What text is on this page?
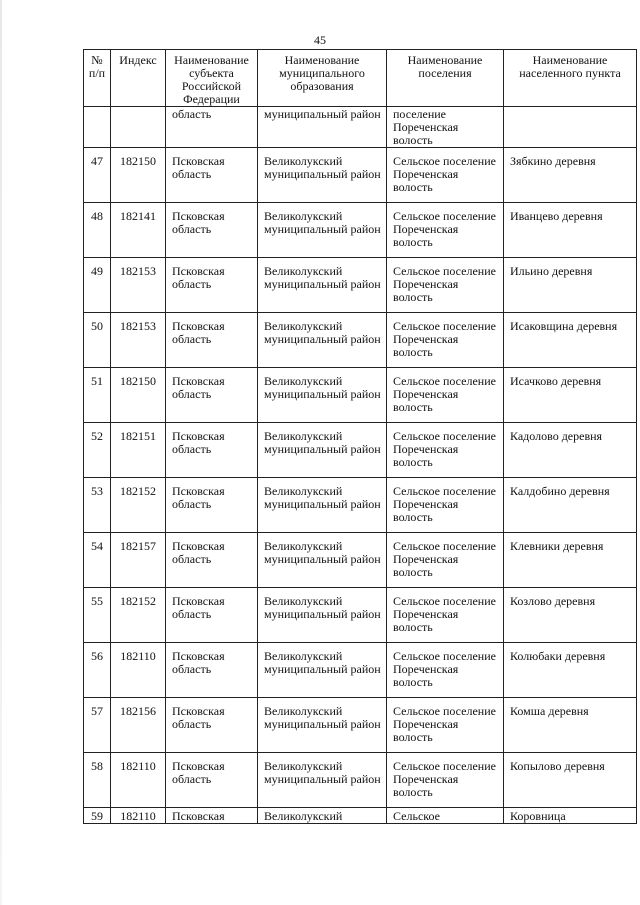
45
№ п/п	Индекс	Наименование субъекта Российской Федерации	Наименование муниципального образования	Наименование поселения	Наименование населенного пункта
		область	муниципальный район	поселение Пореченская волость	
47	182150	Псковская область	Великолукский муниципальный район	Сельское поселение Пореченская волость	Зябкино деревня
48	182141	Псковская область	Великолукский муниципальный район	Сельское поселение Пореченская волость	Иванцево деревня
49	182153	Псковская область	Великолукский муниципальный район	Сельское поселение Пореченская волость	Ильино деревня
50	182153	Псковская область	Великолукский муниципальный район	Сельское поселение Пореченская волость	Исаковщина деревня
51	182150	Псковская область	Великолукский муниципальный район	Сельское поселение Пореченская волость	Исачково деревня
52	182151	Псковская область	Великолукский муниципальный район	Сельское поселение Пореченская волость	Кадолово деревня
53	182152	Псковская область	Великолукский муниципальный район	Сельское поселение Пореченская волость	Калдобино деревня
54	182157	Псковская область	Великолукский муниципальный район	Сельское поселение Пореченская волость	Клевники деревня
55	182152	Псковская область	Великолукский муниципальный район	Сельское поселение Пореченская волость	Козлово деревня
56	182110	Псковская область	Великолукский муниципальный район	Сельское поселение Пореченская волость	Колюбаки деревня
57	182156	Псковская область	Великолукский муниципальный район	Сельское поселение Пореченская волость	Комша деревня
58	182110	Псковская область	Великолукский муниципальный район	Сельское поселение Пореченская волость	Копылово деревня
59	182110	Псковская	Великолукский	Сельское	Коровница
